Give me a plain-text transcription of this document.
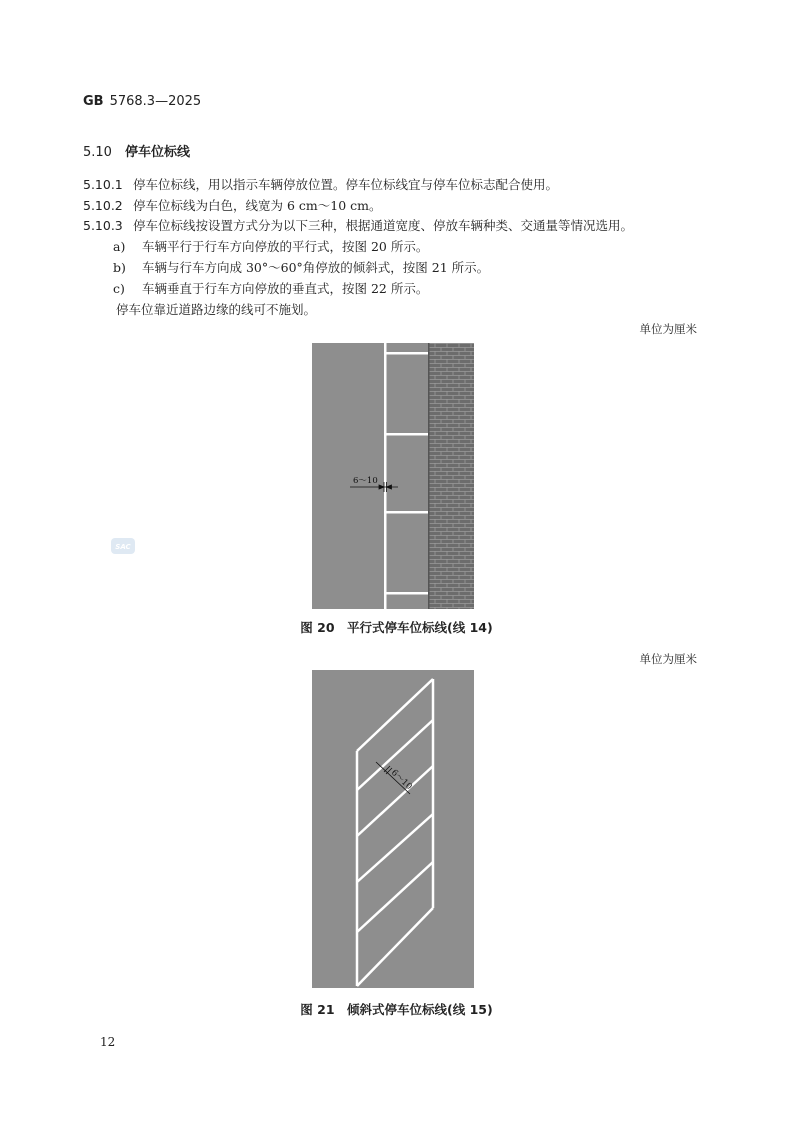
GB 5768.3—2025
5.10 停车位标线
5.10.1 停车位标线，用以指示车辆停放位置。停车位标线宜与停车位标志配合使用。
5.10.2 停车位标线为白色，线宽为 6 cm～10 cm。
5.10.3 停车位标线按设置方式分为以下三种，根据通道宽度、停放车辆种类、交通量等情况选用。
a) 车辆平行于行车方向停放的平行式，按图 20 所示。
b) 车辆与行车方向成 30°～60°角停放的倾斜式，按图 21 所示。
c) 车辆垂直于行车方向停放的垂直式，按图 22 所示。
停车位靠近道路边缘的线可不施划。
单位为厘米
6～10
图 20　平行式停车位标线(线 14)
单位为厘米
6～10
图 21　倾斜式停车位标线(线 15)
SAC
12
